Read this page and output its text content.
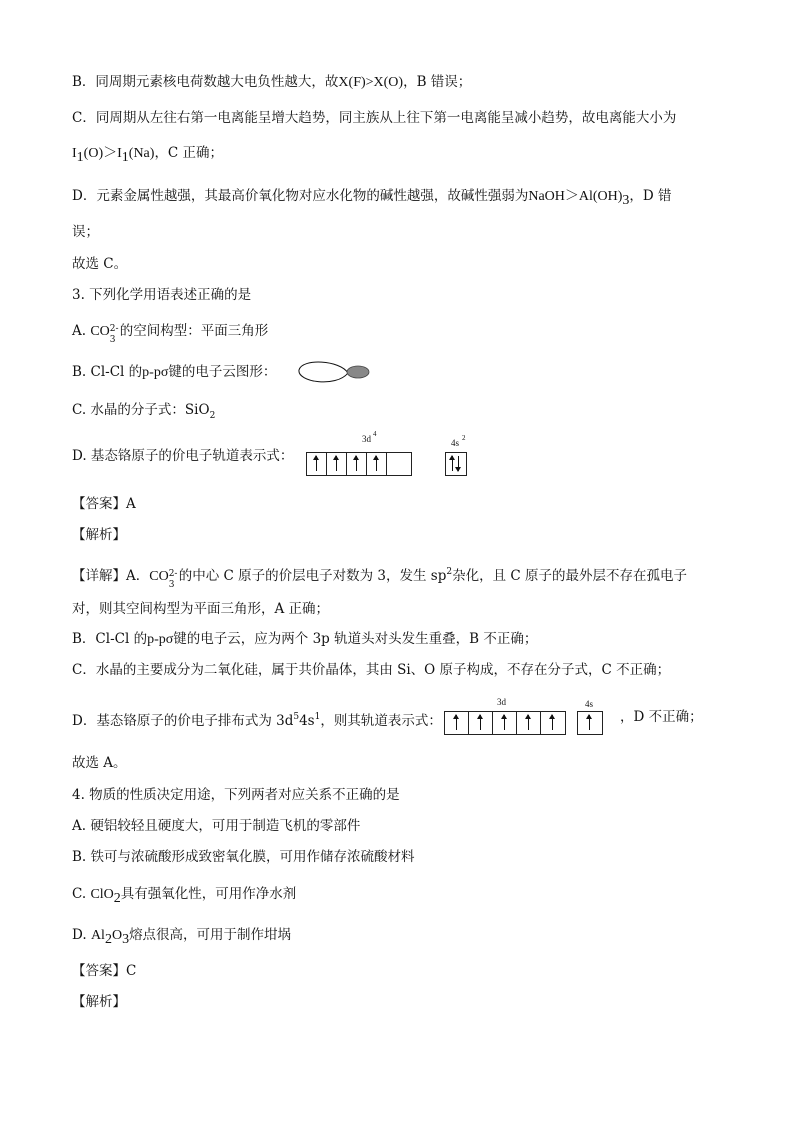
B．同周期元素核电荷数越大电负性越大，故X(F)>X(O)，B 错误；
C．同周期从左往右第一电离能呈增大趋势，同主族从上往下第一电离能呈减小趋势，故电离能大小为
I1(O)＞I1(Na)，C 正确；
D．元素金属性越强，其最高价氧化物对应水化物的碱性越强，故碱性强弱为NaOH＞Al(OH)3，D 错
误；
故选 C。
3. 下列化学用语表述正确的是
A. CO 2-
3
的空间构型：平面三角形
B. Cl-Cl 的p-pσ键的电子云图形：
C. 水晶的分子式：SiO$_2$
D. 基态铬原子的价电子轨道表示式：
3d 4
4s 2
【答案】A
【解析】
【详解】A．CO 2-
3
的中心 C 原子的价层电子对数为 3，发生 $sp^2$杂化，且 C 原子的最外层不存在孤电子
对，则其空间构型为平面三角形，A 正确；
B．Cl-Cl 的p-pσ键的电子云，应为两个 3p 轨道头对头发生重叠，B 不正确；
C．水晶的主要成分为二氧化硅，属于共价晶体，其由 Si、O 原子构成，不存在分子式，C 不正确；
D．基态铬原子的价电子排布式为 $3d^54s^1$，则其轨道表示式：
3d	4s
，D 不正确；
故选 A。
4. 物质的性质决定用途，下列两者对应关系不正确的是
A. 硬铝较轻且硬度大，可用于制造飞机的零部件
B. 铁可与浓硫酸形成致密氧化膜，可用作储存浓硫酸材料
C. ClO2具有强氧化性，可用作净水剂
D. Al2O3熔点很高，可用于制作坩埚
【答案】C
【解析】
